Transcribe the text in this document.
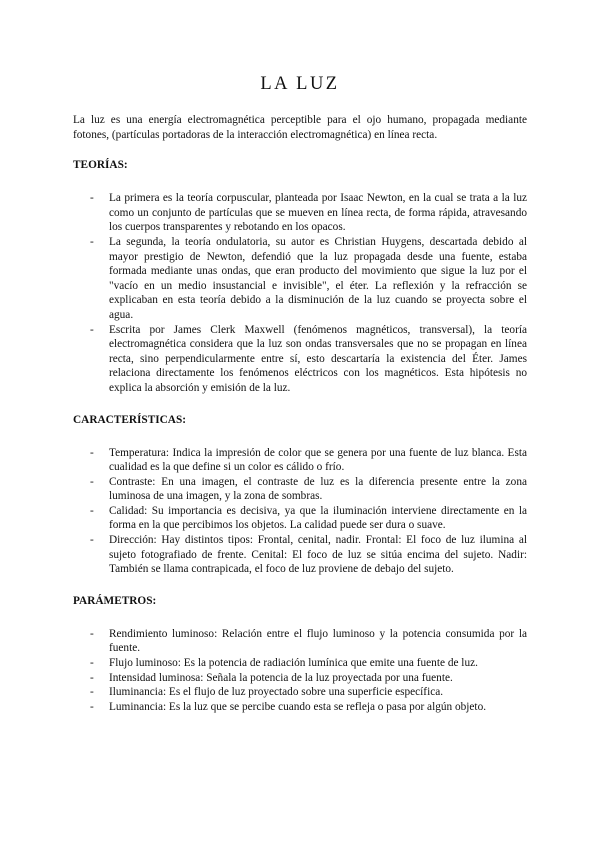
LA LUZ

La luz es una energía electromagnética perceptible para el ojo humano, propagada mediante fotones, (partículas portadoras de la interacción electromagnética) en línea recta.

TEORÍAS:
- La primera es la teoría corpuscular, planteada por Isaac Newton, en la cual se trata a la luz como un conjunto de partículas que se mueven en línea recta, de forma rápida, atravesando los cuerpos transparentes y rebotando en los opacos.
- La segunda, la teoría ondulatoria, su autor es Christian Huygens, descartada debido al mayor prestigio de Newton, defendió que la luz propagada desde una fuente, estaba formada mediante unas ondas, que eran producto del movimiento que sigue la luz por el "vacío en un medio insustancial e invisible", el éter. La reflexión y la refracción se explicaban en esta teoría debido a la disminución de la luz cuando se proyecta sobre el agua.
- Escrita por James Clerk Maxwell (fenómenos magnéticos, transversal), la teoría electromagnética considera que la luz son ondas transversales que no se propagan en línea recta, sino perpendicularmente entre sí, esto descartaría la existencia del Éter. James relaciona directamente los fenómenos eléctricos con los magnéticos. Esta hipótesis no explica la absorción y emisión de la luz.
CARACTERÍSTICAS:
- Temperatura: Indica la impresión de color que se genera por una fuente de luz blanca. Esta cualidad es la que define si un color es cálido o frío.
- Contraste: En una imagen, el contraste de luz es la diferencia presente entre la zona luminosa de una imagen, y la zona de sombras.
- Calidad: Su importancia es decisiva, ya que la iluminación interviene directamente en la forma en la que percibimos los objetos. La calidad puede ser dura o suave.
- Dirección: Hay distintos tipos: Frontal, cenital, nadir. Frontal: El foco de luz ilumina al sujeto fotografiado de frente. Cenital: El foco de luz se sitúa encima del sujeto. Nadir: También se llama contrapicada, el foco de luz proviene de debajo del sujeto.
PARÁMETROS:
- Rendimiento luminoso: Relación entre el flujo luminoso y la potencia consumida por la fuente.
- Flujo luminoso: Es la potencia de radiación lumínica que emite una fuente de luz.
- Intensidad luminosa: Señala la potencia de la luz proyectada por una fuente.
- Iluminancia: Es el flujo de luz proyectado sobre una superficie específica.
- Luminancia: Es la luz que se percibe cuando esta se refleja o pasa por algún objeto.
